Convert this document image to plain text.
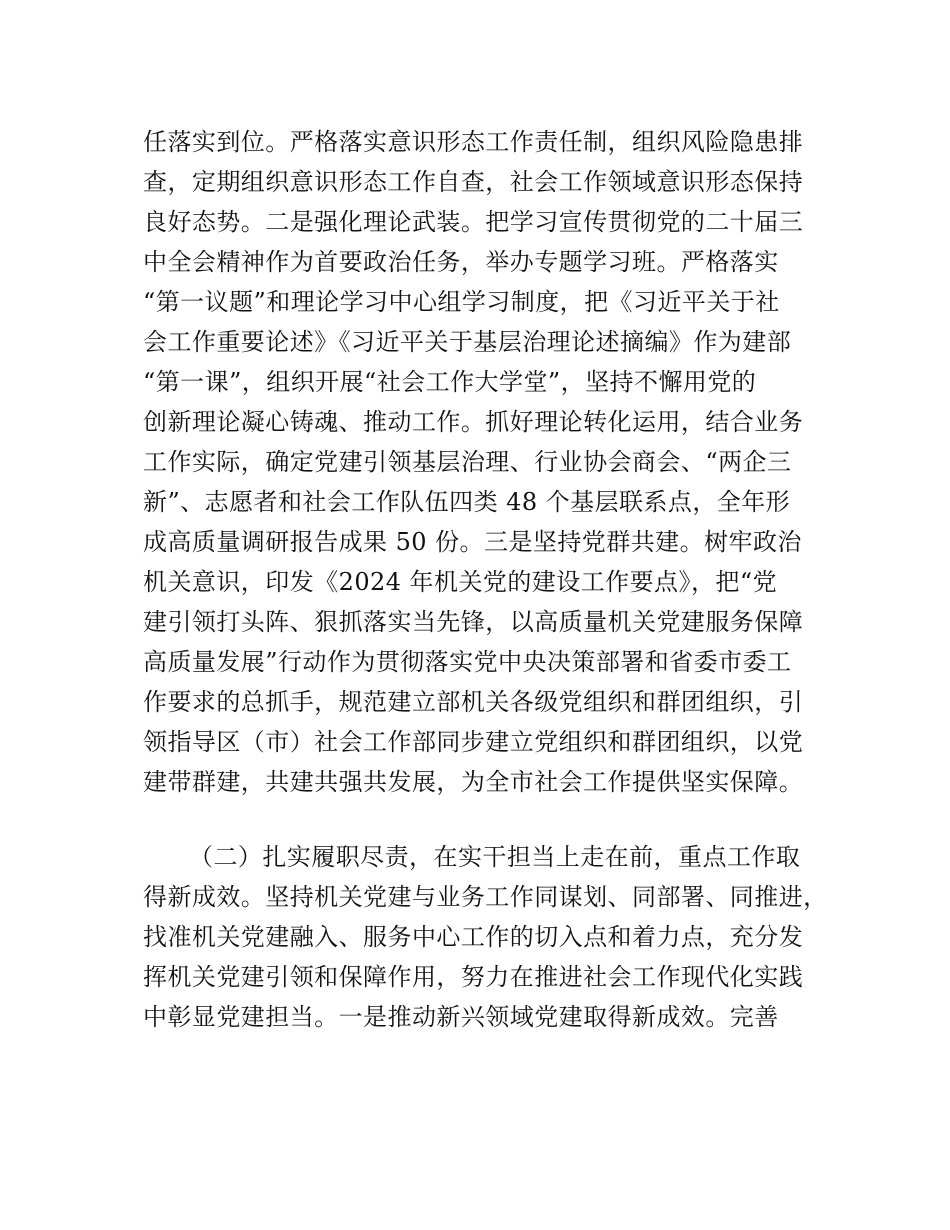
任落实到位。严格落实意识形态工作责任制，组织风险隐患排
查，定期组织意识形态工作自查，社会工作领域意识形态保持
良好态势。二是强化理论武装。把学习宣传贯彻党的二十届三
中全会精神作为首要政治任务，举办专题学习班。严格落实
“第一议题”和理论学习中心组学习制度，把《习近平关于社
会工作重要论述》《习近平关于基层治理论述摘编》作为建部
“第一课”，组织开展“社会工作大学堂”，坚持不懈用党的
创新理论凝心铸魂、推动工作。抓好理论转化运用，结合业务
工作实际，确定党建引领基层治理、行业协会商会、“两企三
新”、志愿者和社会工作队伍四类 48 个基层联系点，全年形
成高质量调研报告成果 50 份。三是坚持党群共建。树牢政治
机关意识，印发《2024 年机关党的建设工作要点》，把“党
建引领打头阵、狠抓落实当先锋，以高质量机关党建服务保障
高质量发展”行动作为贯彻落实党中央决策部署和省委市委工
作要求的总抓手，规范建立部机关各级党组织和群团组织，引
领指导区（市）社会工作部同步建立党组织和群团组织，以党
建带群建，共建共强共发展，为全市社会工作提供坚实保障。
（二）扎实履职尽责，在实干担当上走在前，重点工作取
得新成效。坚持机关党建与业务工作同谋划、同部署、同推进，
找准机关党建融入、服务中心工作的切入点和着力点，充分发
挥机关党建引领和保障作用，努力在推进社会工作现代化实践
中彰显党建担当。一是推动新兴领域党建取得新成效。完善
